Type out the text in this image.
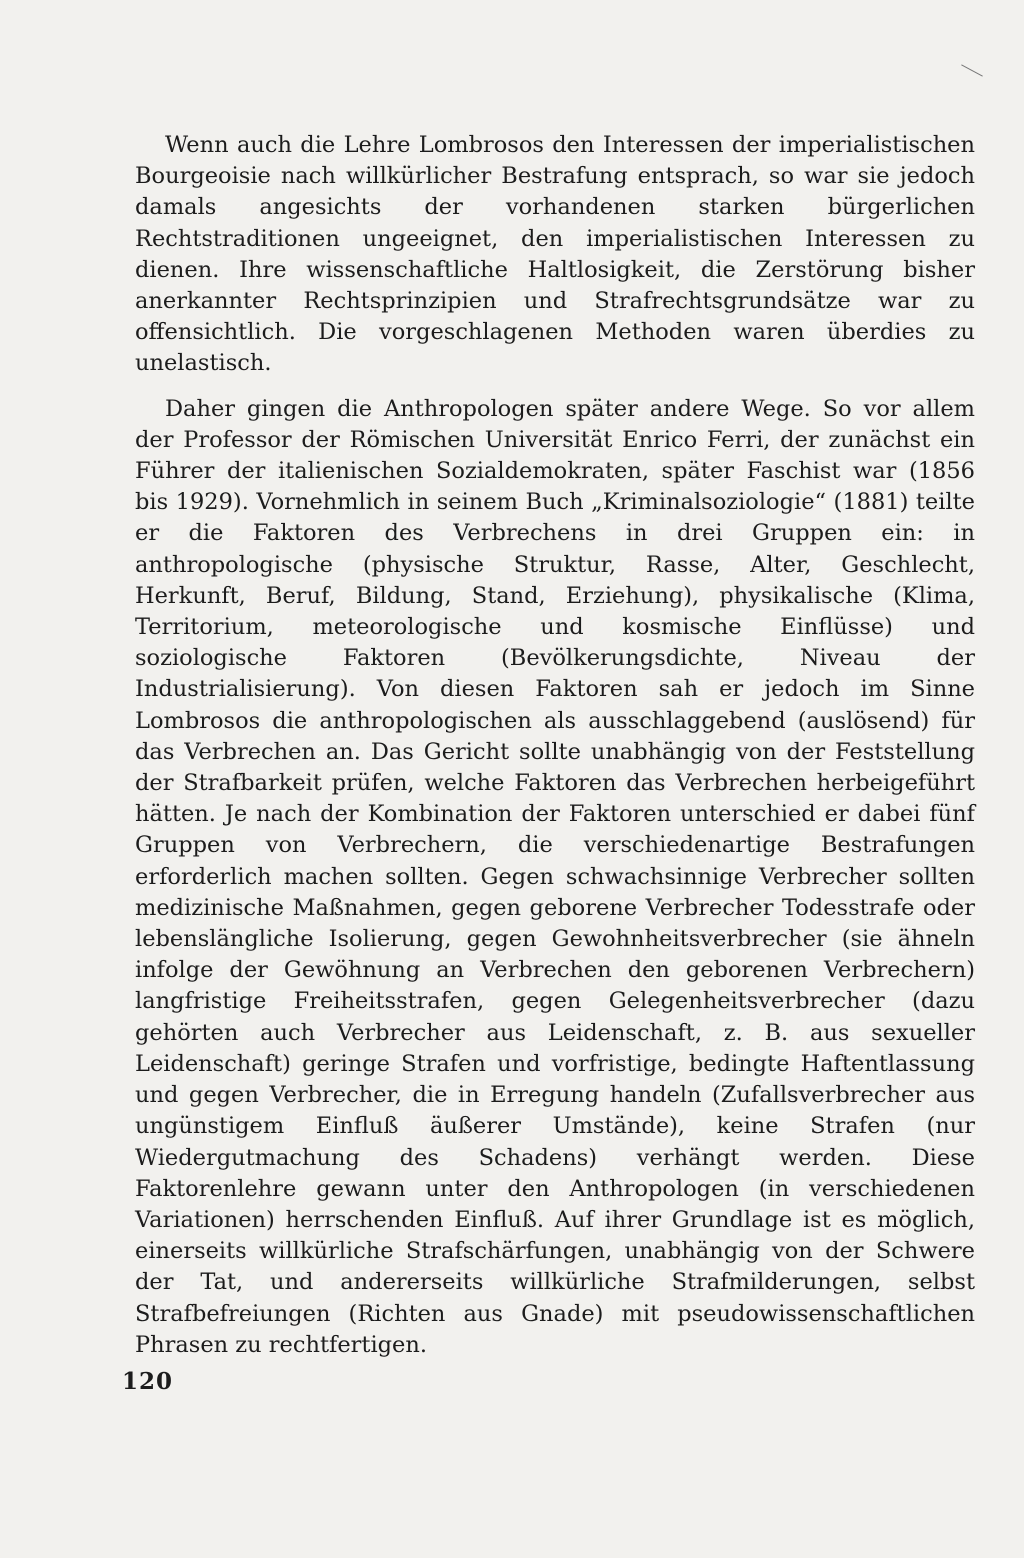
Wenn auch die Lehre Lombrosos den Interessen der imperialistischen Bourgeoisie nach willkürlicher Bestrafung entsprach, so war sie jedoch damals angesichts der vorhandenen starken bürgerlichen Rechtstraditionen ungeeignet, den imperialistischen Interessen zu dienen. Ihre wissenschaftliche Haltlosigkeit, die Zerstörung bisher anerkannter Rechtsprinzipien und Strafrechtsgrundsätze war zu offensichtlich. Die vorgeschlagenen Methoden waren überdies zu unelastisch.

Daher gingen die Anthropologen später andere Wege. So vor allem der Professor der Römischen Universität Enrico Ferri, der zunächst ein Führer der italienischen Sozialdemokraten, später Faschist war (1856 bis 1929). Vornehmlich in seinem Buch „Kriminalsoziologie“ (1881) teilte er die Faktoren des Verbrechens in drei Gruppen ein: in anthropologische (physische Struktur, Rasse, Alter, Geschlecht, Herkunft, Beruf, Bildung, Stand, Erziehung), physikalische (Klima, Territorium, meteorologische und kosmische Einflüsse) und soziologische Faktoren (Bevölkerungsdichte, Niveau der Industrialisierung). Von diesen Faktoren sah er jedoch im Sinne Lombrosos die anthropologischen als ausschlaggebend (auslösend) für das Verbrechen an. Das Gericht sollte unabhängig von der Feststellung der Strafbarkeit prüfen, welche Faktoren das Verbrechen herbeigeführt hätten. Je nach der Kombination der Faktoren unterschied er dabei fünf Gruppen von Verbrechern, die verschiedenartige Bestrafungen erforderlich machen sollten. Gegen schwachsinnige Verbrecher sollten medizinische Maßnahmen, gegen geborene Verbrecher Todesstrafe oder lebenslängliche Isolierung, gegen Gewohnheitsverbrecher (sie ähneln infolge der Gewöhnung an Verbrechen den geborenen Verbrechern) langfristige Freiheitsstrafen, gegen Gelegenheitsverbrecher (dazu gehörten auch Verbrecher aus Leidenschaft, z. B. aus sexueller Leidenschaft) geringe Strafen und vorfristige, bedingte Haftentlassung und gegen Verbrecher, die in Erregung handeln (Zufallsverbrecher aus ungünstigem Einfluß äußerer Umstände), keine Strafen (nur Wiedergutmachung des Schadens) verhängt werden. Diese Faktorenlehre gewann unter den Anthropologen (in verschiedenen Variationen) herrschenden Einfluß. Auf ihrer Grundlage ist es möglich, einerseits willkürliche Strafschärfungen, unabhängig von der Schwere der Tat, und andererseits willkürliche Strafmilderungen, selbst Strafbefreiungen (Richten aus Gnade) mit pseudowissenschaftlichen Phrasen zu rechtfertigen.

120
